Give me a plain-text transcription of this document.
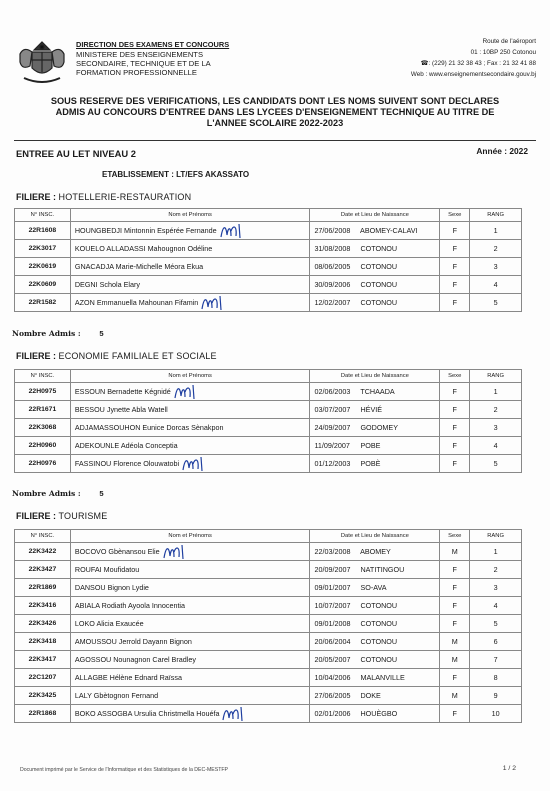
DIRECTION DES EXAMENS ET CONCOURS
MINISTERE DES ENSEIGNEMENTS
SECONDAIRE, TECHNIQUE ET DE LA
FORMATION PROFESSIONNELLE
Route de l'aéroport
01 : 10BP 250 Cotonou
☎: (229) 21 32 38 43 ; Fax : 21 32 41 88
Web : www.enseignementsecondaire.gouv.bj
SOUS RESERVE DES VERIFICATIONS, LES CANDIDATS DONT LES NOMS SUIVENT SONT DECLARES
ADMIS AU CONCOURS D'ENTREE DANS LES LYCEES D'ENSEIGNEMENT TECHNIQUE AU TITRE DE
L'ANNEE SCOLAIRE 2022-2023
ENTREE AU LET NIVEAU 2	Année : 2022
ETABLISSEMENT : LT/EFS AKASSATO
FILIERE : HOTELLERIE-RESTAURATION
N° INSC.	Nom et Prénoms	Date et Lieu de Naissance	Sexe	RANG
22R1608	HOUNGBEDJI Mintonnin Espérée Fernande	27/06/2008 ABOMEY-CALAVI	F	1
22K3017	KOUELO ALLADASSI Mahougnon Odéline	31/08/2008 COTONOU	F	2
22K0619	GNACADJA Marie-Michelle Méora Ekua	08/06/2005 COTONOU	F	3
22K0609	DEGNI Schola Elary	30/09/2006 COTONOU	F	4
22R1582	AZON Emmanuella Mahounan Fifamin	12/02/2007 COTONOU	F	5
Nombre Admis : 5
FILIERE : ECONOMIE FAMILIALE ET SOCIALE
N° INSC.	Nom et Prénoms	Date et Lieu de Naissance	Sexe	RANG
22H0975	ESSOUN Bernadette Kégnidé	02/06/2003 TCHAADA	F	1
22R1671	BESSOU Jynette Abla Watell	03/07/2007 HÉVIÉ	F	2
22K3068	ADJAMASSOUHON Eunice Dorcas Sènakpon	24/09/2007 GODOMEY	F	3
22H0960	ADEKOUNLE Adéola Conceptia	11/09/2007 POBE	F	4
22H0976	FASSINOU Florence Olouwatobi	01/12/2003 POBÈ	F	5
Nombre Admis : 5
FILIERE : TOURISME
N° INSC.	Nom et Prénoms	Date et Lieu de Naissance	Sexe	RANG
22K3422	BOCOVO Gbènansou Elie	22/03/2008 ABOMEY	M	1
22K3427	ROUFAI Moufidatou	20/09/2007 NATITINGOU	F	2
22R1869	DANSOU Bignon Lydie	09/01/2007 SO-AVA	F	3
22K3416	ABIALA Rodiath Ayoola Innocentia	10/07/2007 COTONOU	F	4
22K3426	LOKO Alicia Exaucée	09/01/2008 COTONOU	F	5
22K3418	AMOUSSOU Jerrold Dayann Bignon	20/06/2004 COTONOU	M	6
22K3417	AGOSSOU Nounagnon Carel Bradley	20/05/2007 COTONOU	M	7
22C1207	ALLAGBE Hélène Ednard Raïssa	10/04/2006 MALANVILLE	F	8
22K3425	LALY Gbètognon Fernand	27/06/2005 DOKE	M	9
22R1868	BOKO ASSOGBA Ursulia Christmella Houéfa	02/01/2006 HOUÈGBO	F	10
Document imprimé par le Service de l'Informatique et des Statistiques de la DEC-MESTFP	1 / 2
